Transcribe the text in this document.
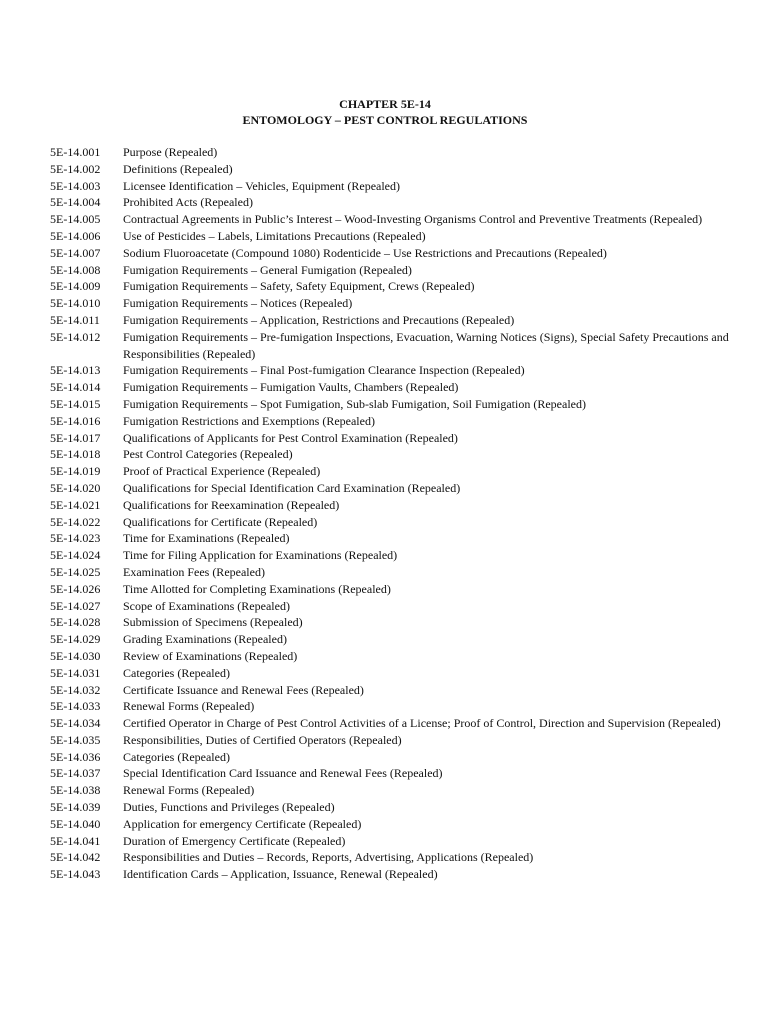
CHAPTER 5E-14
ENTOMOLOGY – PEST CONTROL REGULATIONS
5E-14.001	Purpose (Repealed)
5E-14.002	Definitions (Repealed)
5E-14.003	Licensee Identification – Vehicles, Equipment (Repealed)
5E-14.004	Prohibited Acts (Repealed)
5E-14.005	Contractual Agreements in Public’s Interest – Wood-Investing Organisms Control and Preventive Treatments (Repealed)
5E-14.006	Use of Pesticides – Labels, Limitations Precautions (Repealed)
5E-14.007	Sodium Fluoroacetate (Compound 1080) Rodenticide – Use Restrictions and Precautions (Repealed)
5E-14.008	Fumigation Requirements – General Fumigation (Repealed)
5E-14.009	Fumigation Requirements – Safety, Safety Equipment, Crews (Repealed)
5E-14.010	Fumigation Requirements – Notices (Repealed)
5E-14.011	Fumigation Requirements – Application, Restrictions and Precautions (Repealed)
5E-14.012	Fumigation Requirements – Pre-fumigation Inspections, Evacuation, Warning Notices (Signs), Special Safety Precautions and Responsibilities (Repealed)
5E-14.013	Fumigation Requirements – Final Post-fumigation Clearance Inspection (Repealed)
5E-14.014	Fumigation Requirements – Fumigation Vaults, Chambers (Repealed)
5E-14.015	Fumigation Requirements – Spot Fumigation, Sub-slab Fumigation, Soil Fumigation (Repealed)
5E-14.016	Fumigation Restrictions and Exemptions (Repealed)
5E-14.017	Qualifications of Applicants for Pest Control Examination (Repealed)
5E-14.018	Pest Control Categories (Repealed)
5E-14.019	Proof of Practical Experience (Repealed)
5E-14.020	Qualifications for Special Identification Card Examination (Repealed)
5E-14.021	Qualifications for Reexamination (Repealed)
5E-14.022	Qualifications for Certificate (Repealed)
5E-14.023	Time for Examinations (Repealed)
5E-14.024	Time for Filing Application for Examinations (Repealed)
5E-14.025	Examination Fees (Repealed)
5E-14.026	Time Allotted for Completing Examinations (Repealed)
5E-14.027	Scope of Examinations (Repealed)
5E-14.028	Submission of Specimens (Repealed)
5E-14.029	Grading Examinations (Repealed)
5E-14.030	Review of Examinations (Repealed)
5E-14.031	Categories (Repealed)
5E-14.032	Certificate Issuance and Renewal Fees (Repealed)
5E-14.033	Renewal Forms (Repealed)
5E-14.034	Certified Operator in Charge of Pest Control Activities of a License; Proof of Control, Direction and Supervision (Repealed)
5E-14.035	Responsibilities, Duties of Certified Operators (Repealed)
5E-14.036	Categories (Repealed)
5E-14.037	Special Identification Card Issuance and Renewal Fees (Repealed)
5E-14.038	Renewal Forms (Repealed)
5E-14.039	Duties, Functions and Privileges (Repealed)
5E-14.040	Application for emergency Certificate (Repealed)
5E-14.041	Duration of Emergency Certificate (Repealed)
5E-14.042	Responsibilities and Duties – Records, Reports, Advertising, Applications (Repealed)
5E-14.043	Identification Cards – Application, Issuance, Renewal (Repealed)
